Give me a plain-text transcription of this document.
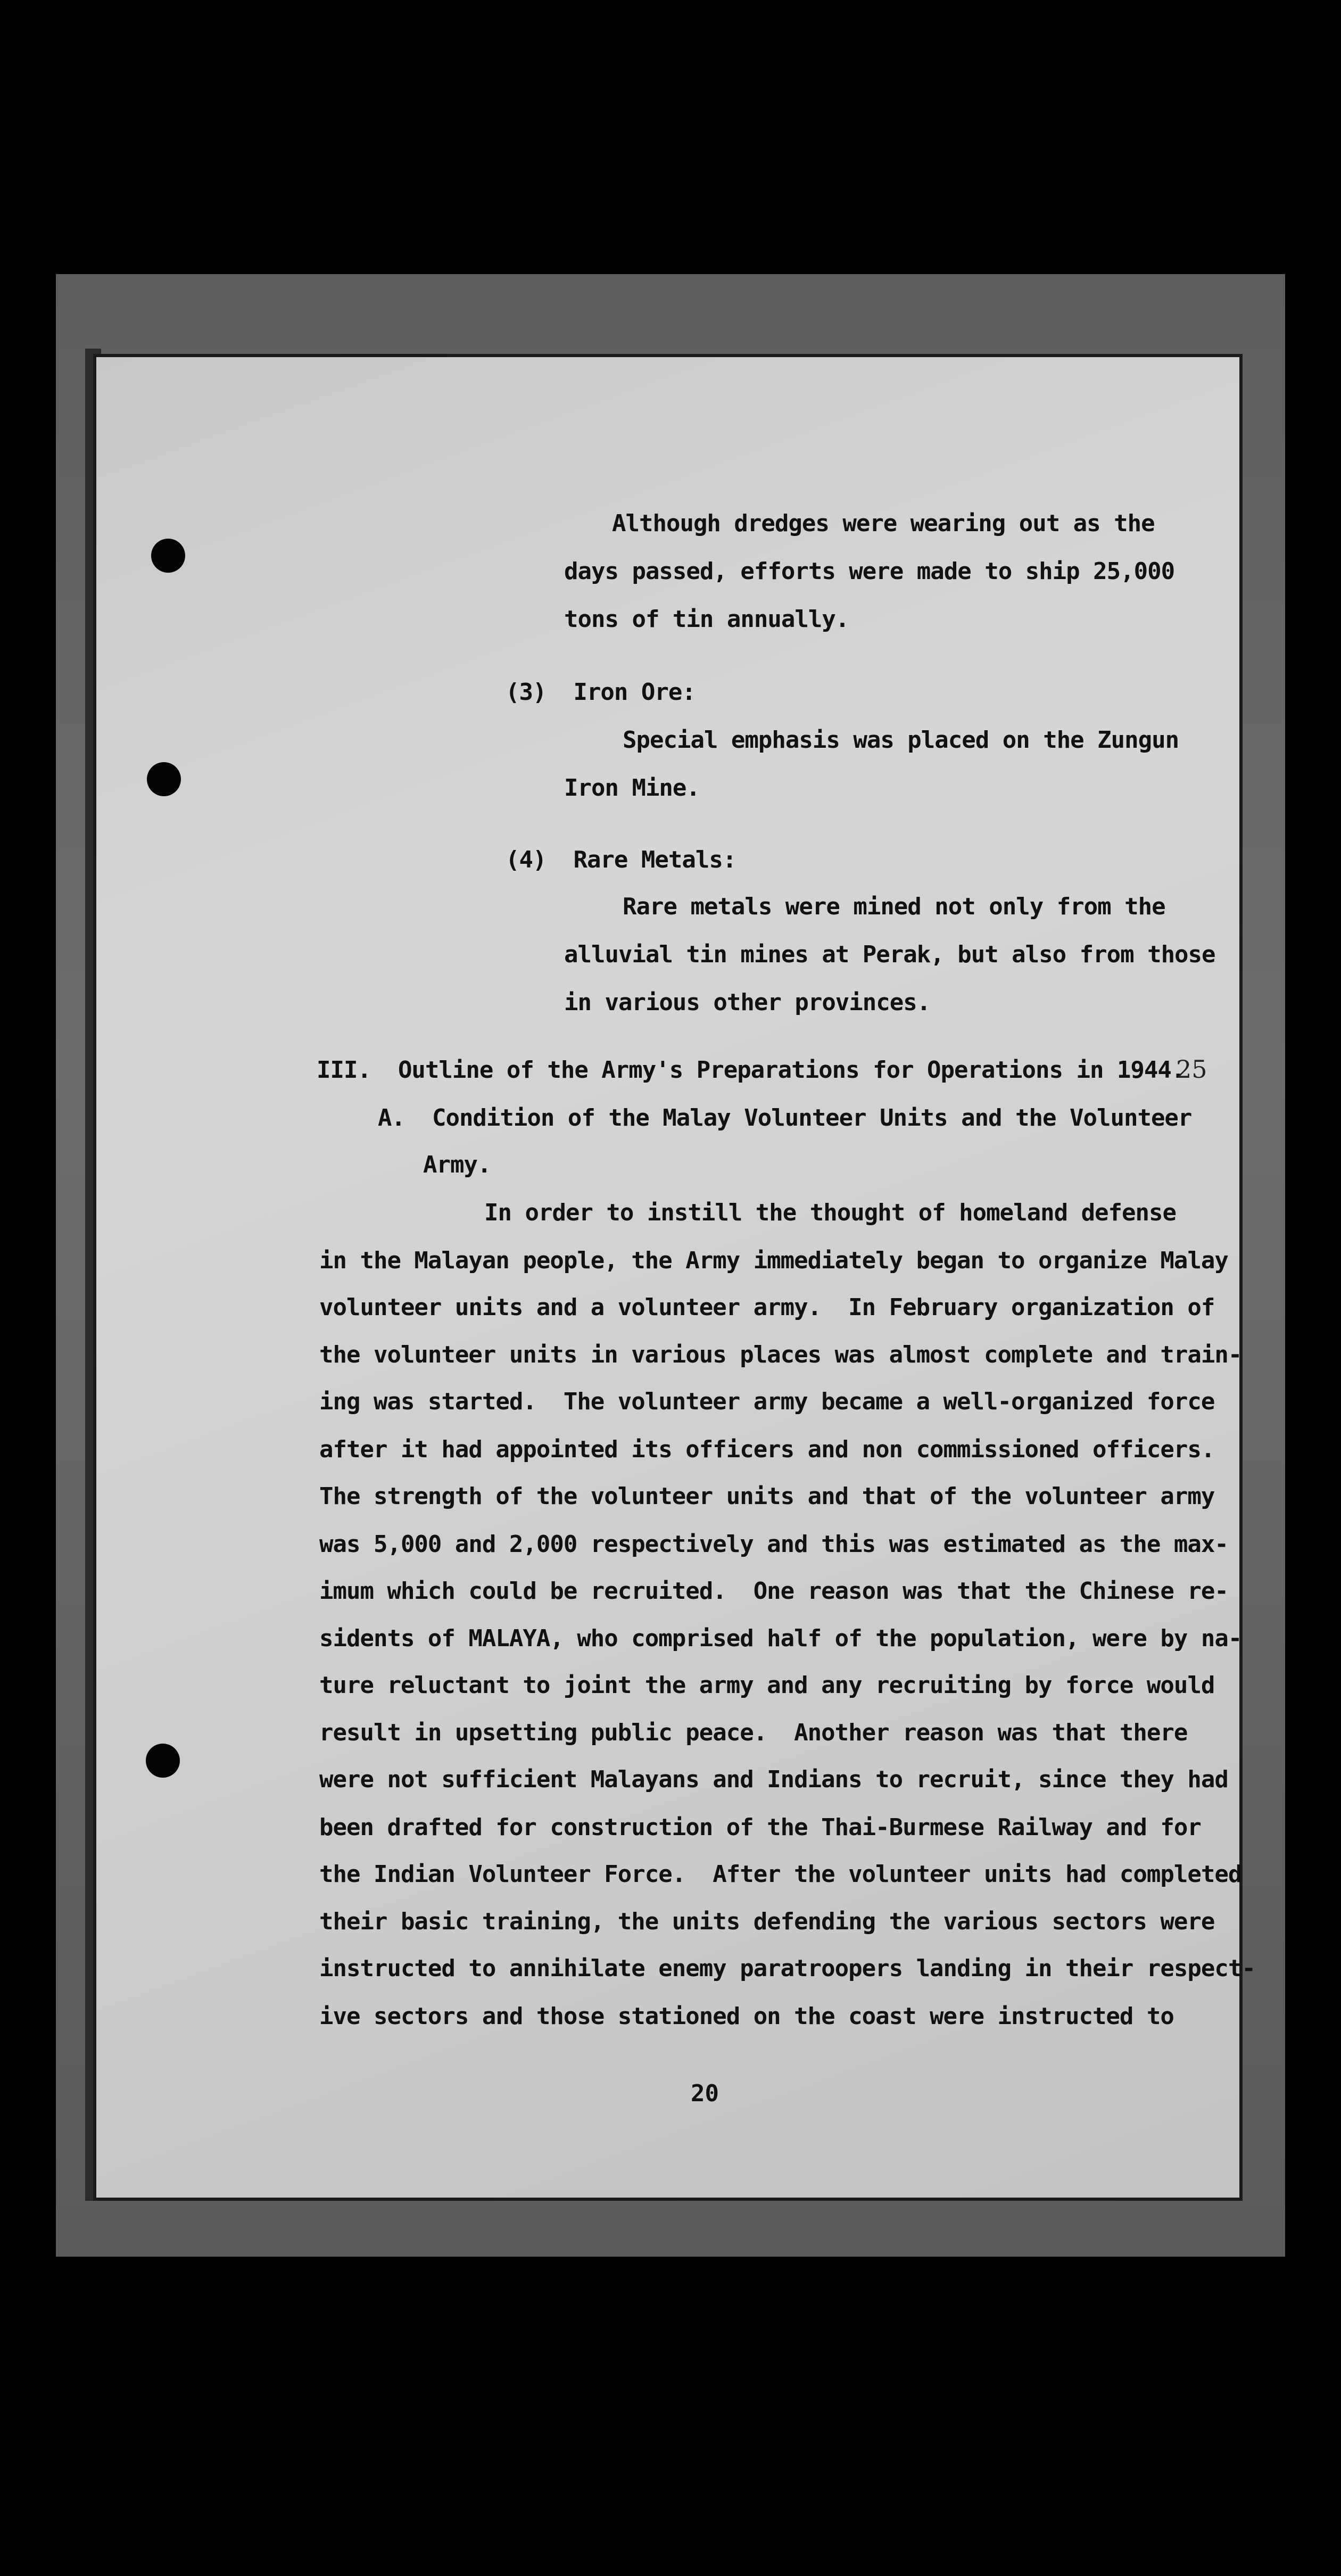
Although dredges were wearing out as the
days passed, efforts were made to ship 25,000
tons of tin annually.
(3)  Iron Ore:
Special emphasis was placed on the Zungun
Iron Mine.
(4)  Rare Metals:
Rare metals were mined not only from the
alluvial tin mines at Perak, but also from those
in various other provinces.
III.  Outline of the Army's Preparations for Operations in 1944.
A.  Condition of the Malay Volunteer Units and the Volunteer
Army.
In order to instill the thought of homeland defense
in the Malayan people, the Army immediately began to organize Malay
volunteer units and a volunteer army.  In February organization of
the volunteer units in various places was almost complete and train-
ing was started.  The volunteer army became a well-organized force
after it had appointed its officers and non commissioned officers.
The strength of the volunteer units and that of the volunteer army
was 5,000 and 2,000 respectively and this was estimated as the max-
imum which could be recruited.  One reason was that the Chinese re-
sidents of MALAYA, who comprised half of the population, were by na-
ture reluctant to joint the army and any recruiting by force would
result in upsetting public peace.  Another reason was that there
were not sufficient Malayans and Indians to recruit, since they had
been drafted for construction of the Thai-Burmese Railway and for
the Indian Volunteer Force.  After the volunteer units had completed
their basic training, the units defending the various sectors were
instructed to annihilate enemy paratroopers landing in their respect-
ive sectors and those stationed on the coast were instructed to
25
20
